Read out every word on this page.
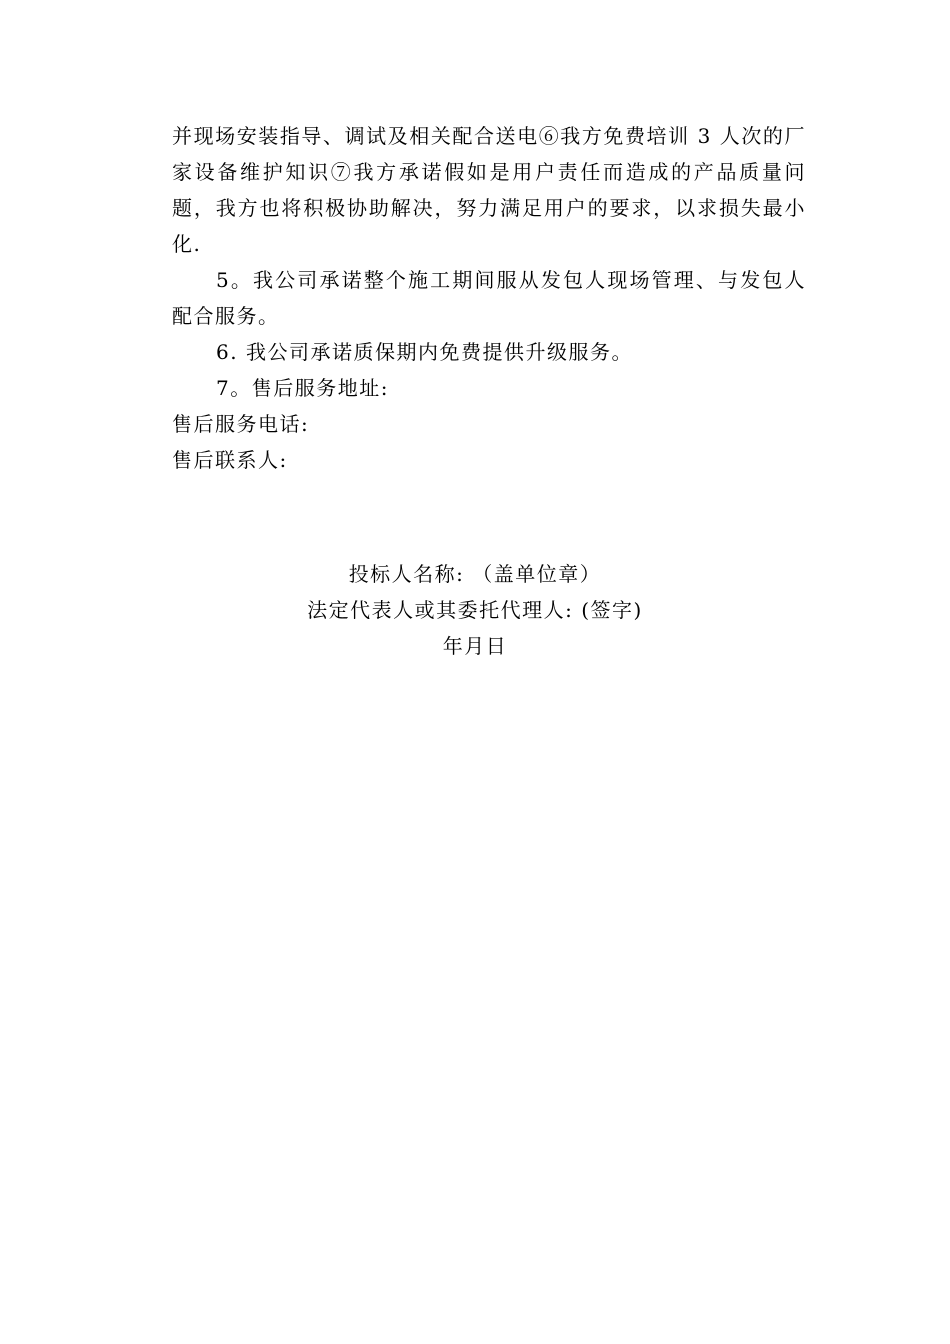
并现场安装指导、调试及相关配合送电⑥我方免费培训 3 人次的厂家设备维护知识⑦我方承诺假如是用户责任而造成的产品质量问题，我方也将积极协助解决，努力满足用户的要求，以求损失最小化.

5。我公司承诺整个施工期间服从发包人现场管理、与发包人配合服务。

6. 我公司承诺质保期内免费提供升级服务。

7。售后服务地址:

售后服务电话:

售后联系人:

投标人名称: （盖单位章）

法定代表人或其委托代理人: (签字)

年月日
